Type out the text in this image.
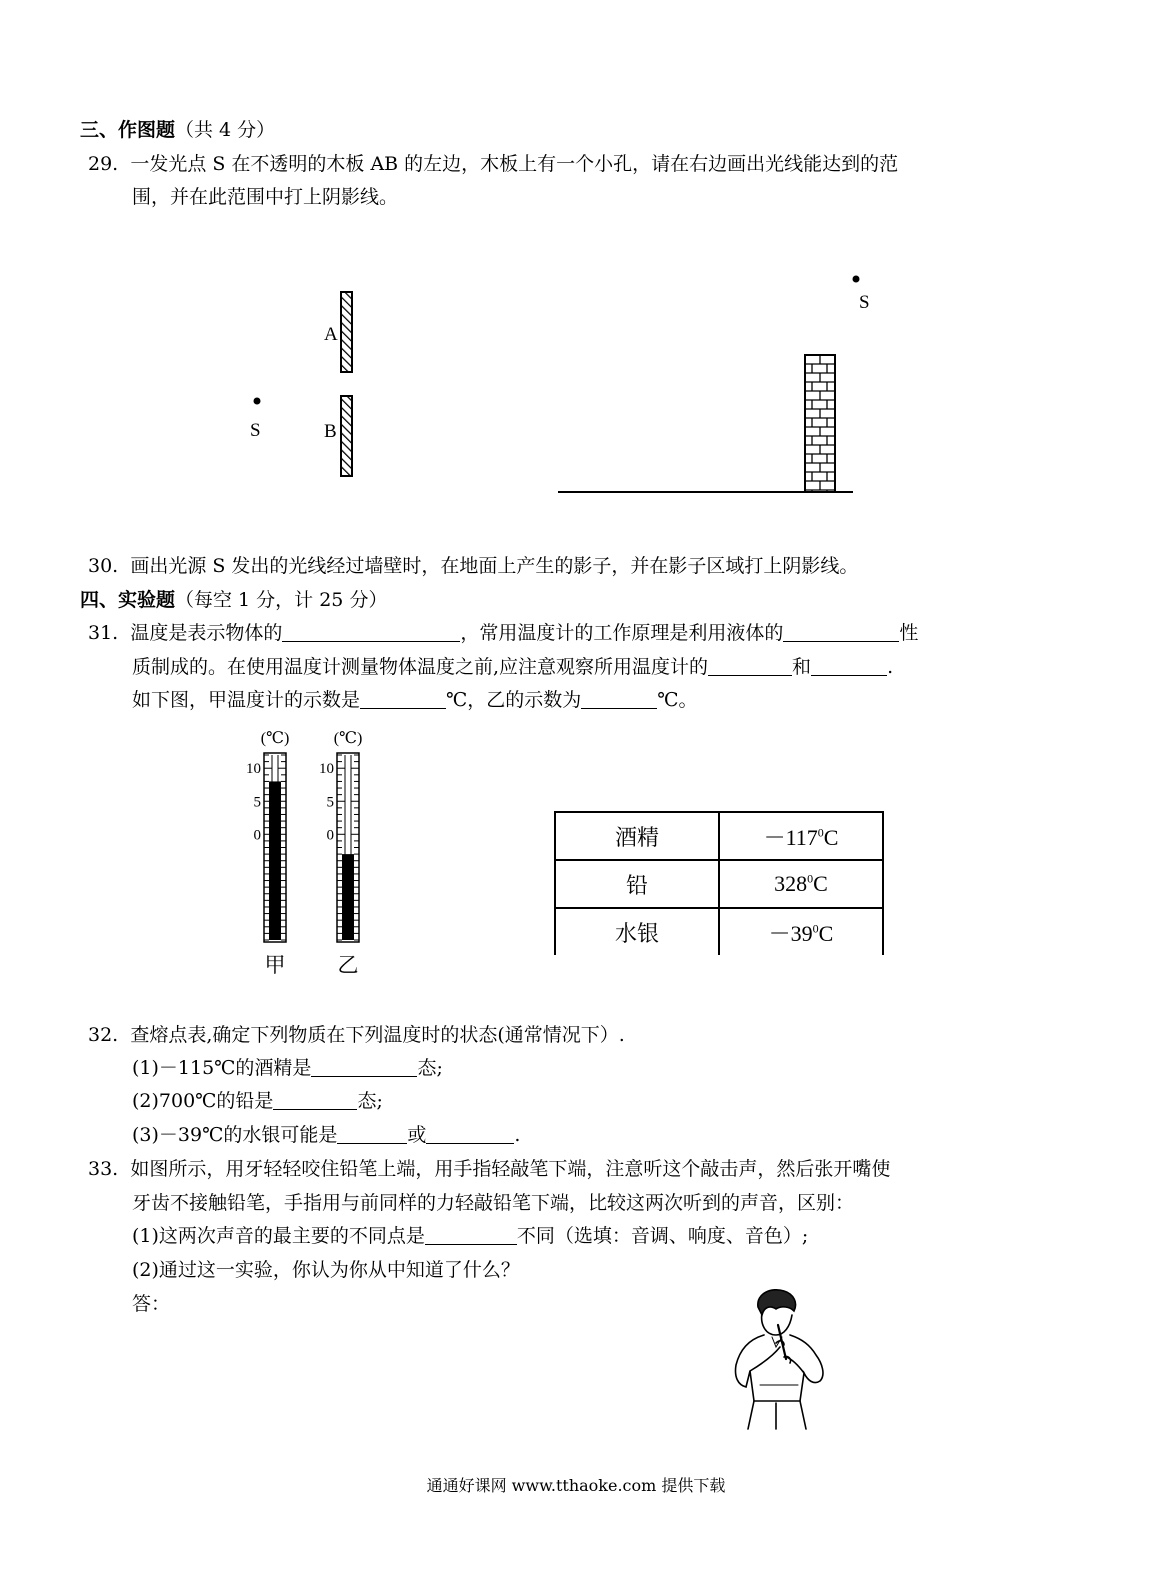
三、作图题（共 4 分）
29. 一发光点 S 在不透明的木板 AB 的左边，木板上有一个小孔，请在右边画出光线能达到的范
围，并在此范围中打上阴影线。
A
B
S
S
30. 画出光源 S 发出的光线经过墙壁时，在地面上产生的影子，并在影子区域打上阴影线。
四、实验题（每空 1 分，计 25 分）
31. 温度是表示物体的	，常用温度计的工作原理是利用液体的	性
质制成的。在使用温度计测量物体温度之前,应注意观察所用温度计的	和	.
如下图，甲温度计的示数是	℃，乙的示数为	℃。
10
5
0
(℃)
甲
10
5
0
(℃)
乙
酒精	$-117^0C$
铅	$328^0C$
水银	$-39^0C$
32. 查熔点表,确定下列物质在下列温度时的状态(通常情况下）.
(1)－115℃的酒精是	态;
(2)700℃的铅是	态;
(3)－39℃的水银可能是	或	.
33. 如图所示，用牙轻轻咬住铅笔上端，用手指轻敲笔下端，注意听这个敲击声，然后张开嘴使
牙齿不接触铅笔，手指用与前同样的力轻敲铅笔下端，比较这两次听到的声音，区别：
(1)这两次声音的最主要的不同点是	不同（选填：音调、响度、音色）;
(2)通过这一实验，你认为你从中知道了什么？
答：
通通好课网 www.tthaoke.com 提供下载
